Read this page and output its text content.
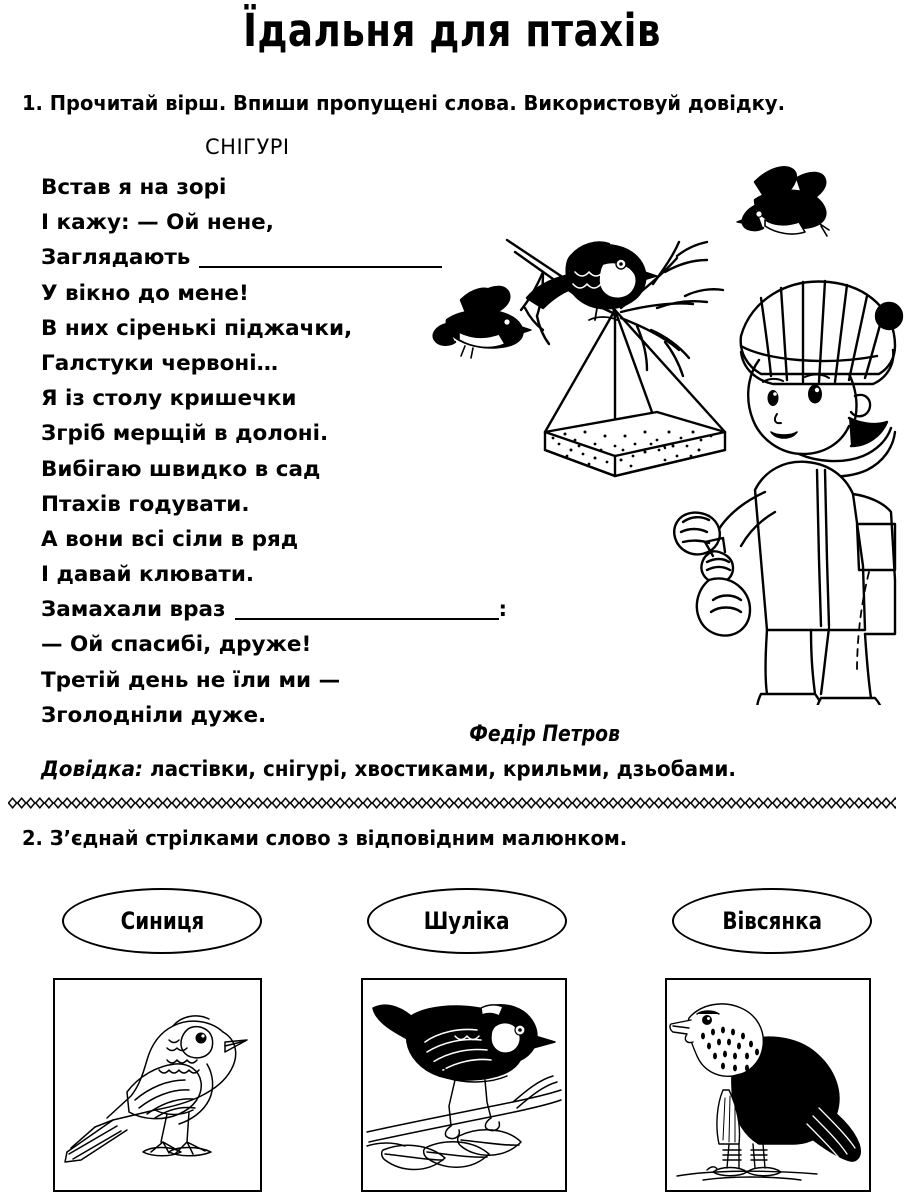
Їдальня для птахів
1. Прочитай вірш. Впиши пропущені слова. Використовуй довідку.
СНІГУРІ
Встав я на зорі
І кажу: — Ой нене,
Заглядають
У вікно до мене!
В них сіренькі піджачки,
Галстуки червоні…
Я із столу кришечки
Згріб мерщій в долоні.
Вибігаю швидко в сад
Птахів годувати.
А вони всі сіли в ряд
І давай клювати.
Замахали враз	:
— Ой спасибі, друже!
Третій день не їли ми —
Зголодніли дуже.
Федір Петров
Довідка: ластівки, снігурі, хвостиками, крильми, дзьобами.
2. З’єднай стрілками слово з відповідним малюнком.
Синиця	Шуліка	Вівсянка
